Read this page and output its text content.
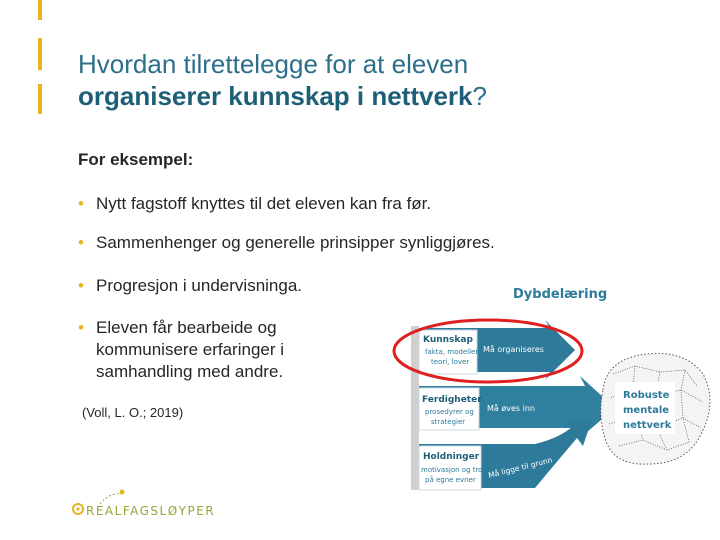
Hvordan tilrettelegge for at eleven
organiserer kunnskap i nettverk?
For eksempel:
• Nytt fagstoff knyttes til det eleven kan fra før.
• Sammenhenger og generelle prinsipper synliggjøres.
• Progresjon i undervisninga.
• Eleven får bearbeide og
kommunisere erfaringer i
samhandling med andre.
(Voll, L. O.; 2019)
REALFAGSLØYPER
Dybdelæring
Kunnskap
fakta, modeller,
teori, lover
Må organiseres
Ferdigheter
prosedyrer og
strategier
Må øves inn
Holdninger
motivasjon og tro
på egne evner
Må ligge til grunn
Robuste
mentale
nettverk
